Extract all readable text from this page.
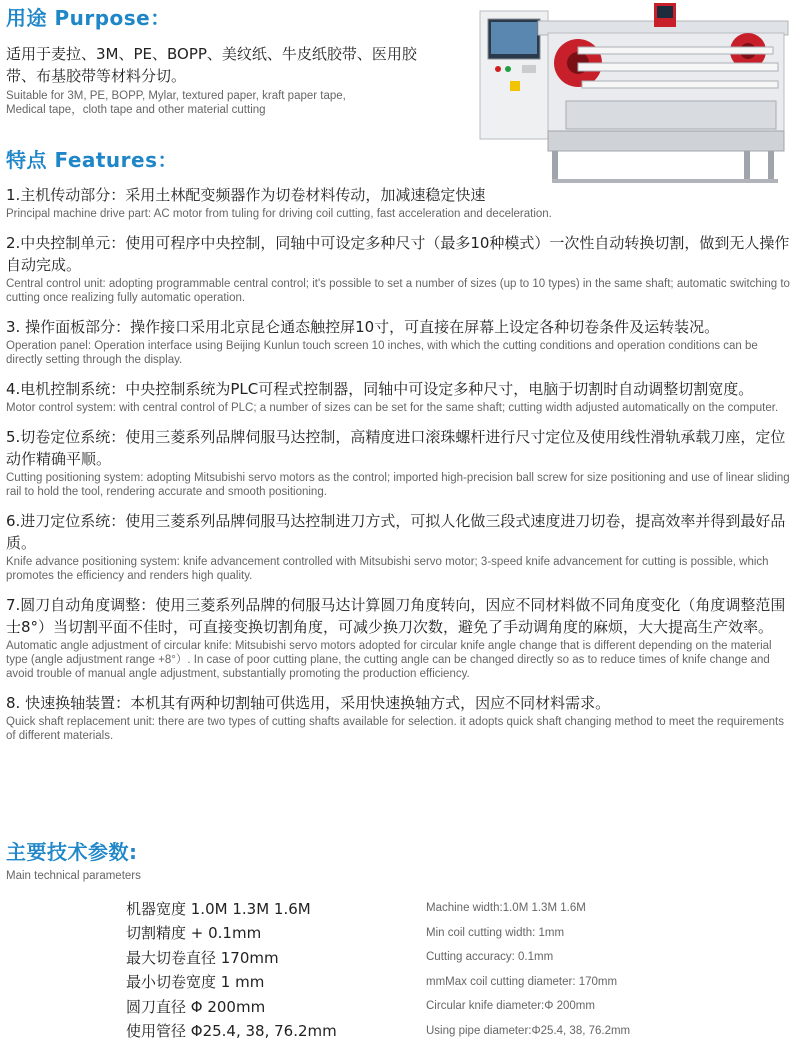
用途 Purpose：
适用于麦拉、3M、PE、BOPP、美纹纸、牛皮纸胶带、医用胶带、布基胶带等材料分切。
Suitable for 3M, PE, BOPP, Mylar, textured paper, kraft paper tape, Medical tape，cloth tape and other material cutting
特点 Features：
1.主机传动部分：采用土林配变频器作为切卷材料传动，加减速稳定快速
Principal machine drive part: AC motor from tuling for driving coil cutting, fast acceleration and deceleration.
2.中央控制单元：使用可程序中央控制，同轴中可设定多种尺寸（最多10种模式）一次性自动转换切割，做到无人操作自动完成。
Central control unit: adopting programmable central control; it's possible to set a number of sizes (up to 10 types) in the same shaft; automatic switching to cutting once realizing fully automatic operation.
3. 操作面板部分：操作接口采用北京昆仑通态触控屏10寸，可直接在屏幕上设定各种切卷条件及运转装况。
Operation panel: Operation interface using Beijing Kunlun touch screen 10 inches, with which the cutting conditions and operation conditions can be directly setting through the display.
4.电机控制系统：中央控制系统为PLC可程式控制器，同轴中可设定多种尺寸，电脑于切割时自动调整切割宽度。
Motor control system: with central control of PLC; a number of sizes can be set for the same shaft; cutting width adjusted automatically on the computer.
5.切卷定位系统：使用三菱系列品牌伺服马达控制，高精度进口滚珠螺杆进行尺寸定位及使用线性滑轨承载刀座，定位动作精确平顺。
Cutting positioning system: adopting Mitsubishi servo motors as the control; imported high-precision ball screw for size positioning and use of linear sliding rail to hold the tool, rendering accurate and smooth positioning.
6.进刀定位系统：使用三菱系列品牌伺服马达控制进刀方式，可拟人化做三段式速度进刀切卷，提高效率并得到最好品质。
Knife advance positioning system: knife advancement controlled with Mitsubishi servo motor; 3-speed knife advancement for cutting is possible, which promotes the efficiency and renders high quality.
7.圆刀自动角度调整：使用三菱系列品牌的伺服马达计算圆刀角度转向，因应不同材料做不同角度变化（角度调整范围士8°）当切割平面不佳时，可直接变换切割角度，可减少换刀次数，避免了手动调角度的麻烦，大大提高生产效率。
Automatic angle adjustment of circular knife: Mitsubishi servo motors adopted for circular knife angle change that is different depending on the material type (angle adjustment range +8°）. In case of poor cutting plane, the cutting angle can be changed directly so as to reduce times of knife change and avoid trouble of manual angle adjustment, substantially promoting the production efficiency.
8. 快速换轴装置：本机其有两种切割轴可供选用，采用快速换轴方式，因应不同材料需求。
Quick shaft replacement unit: there are two types of cutting shafts available for selection. it adopts quick shaft changing method to meet the requirements of different materials.
主要技术参数:
Main technical parameters
机器宽度 1.0M 1.3M 1.6M	Machine width:1.0M 1.3M 1.6M
切割精度 + 0.1mm	Min coil cutting width: 1mm
最大切卷直径 170mm	Cutting accuracy: 0.1mm
最小切卷宽度 1 mm	mmMax coil cutting diameter: 170mm
圆刀直径 Φ 200mm	Circular knife diameter:Φ 200mm
使用管径 Φ25.4, 38, 76.2mm	Using pipe diameter:Φ25.4, 38, 76.2mm
